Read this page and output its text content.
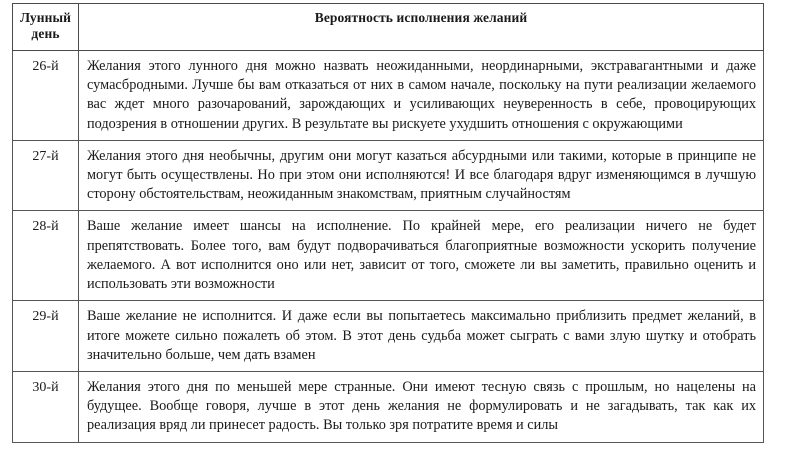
Лунный
день	Вероятность исполнения желаний
26-й	Желания этого лунного дня можно назвать неожиданными, неординарными, экстравагантными и даже сумасбродными. Лучше бы вам отказаться от них в самом начале, поскольку на пути реализации желаемого вас ждет много разочарований, зарождающих и усиливающих неуверенность в себе, провоцирующих подозрения в отношении других. В результате вы рискуете ухудшить отношения с окружающими

27-й	Желания этого дня необычны, другим они могут казаться абсурдными или такими, которые в принципе не могут быть осуществлены. Но при этом они исполняются! И все благодаря вдруг изменяющимся в лучшую сторону обстоятельствам, неожиданным знакомствам, приятным случайностям

28-й	Ваше желание имеет шансы на исполнение. По крайней мере, его реализации ничего не будет препятствовать. Более того, вам будут подворачиваться благоприятные возможности ускорить получение желаемого. А вот исполнится оно или нет, зависит от того, сможете ли вы заметить, правильно оценить и использовать эти возможности

29-й	Ваше желание не исполнится. И даже если вы попытаетесь максимально приблизить предмет желаний, в итоге можете сильно пожалеть об этом. В этот день судьба может сыграть с вами злую шутку и отобрать значительно больше, чем дать взамен

30-й	Желания этого дня по меньшей мере странные. Они имеют тесную связь с прошлым, но нацелены на будущее. Вообще говоря, лучше в этот день желания не формулировать и не загадывать, так как их реализация вряд ли принесет радость. Вы только зря потратите время и силы
